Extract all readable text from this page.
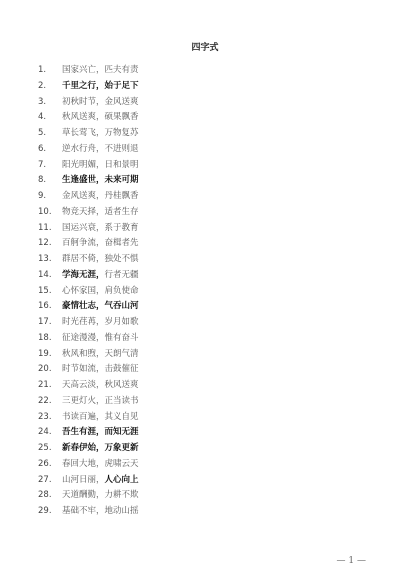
四字式
1. 国家兴亡，匹夫有责
2. 千里之行，始于足下
3. 初秋时节，金风送爽
4. 秋风送爽，硕果飘香
5. 草长莺飞，万物复苏
6. 逆水行舟，不进则退
7. 阳光明媚，日和景明
8. 生逢盛世，未来可期
9. 金风送爽，丹桂飘香
10. 物竞天择，适者生存
11. 国运兴衰，系于教育
12. 百舸争流，奋楫者先
13. 群居不倚，独处不惧
14. 学海无涯，行者无疆
15. 心怀家国，肩负使命
16. 豪情壮志，气吞山河
17. 时光荏苒，岁月如歌
18. 征途漫漫，惟有奋斗
19. 秋风和煦，天朗气清
20. 时节如流，击鼓催征
21. 天高云淡，秋风送爽
22. 三更灯火，正当读书
23. 书读百遍，其义自见
24. 吾生有涯，而知无涯
25. 新春伊始，万象更新
26. 春回大地，虎啸云天
27. 山河日丽，人心向上
28. 天道酬勤，力耕不欺
29. 基础不牢，地动山摇
— 1 —
